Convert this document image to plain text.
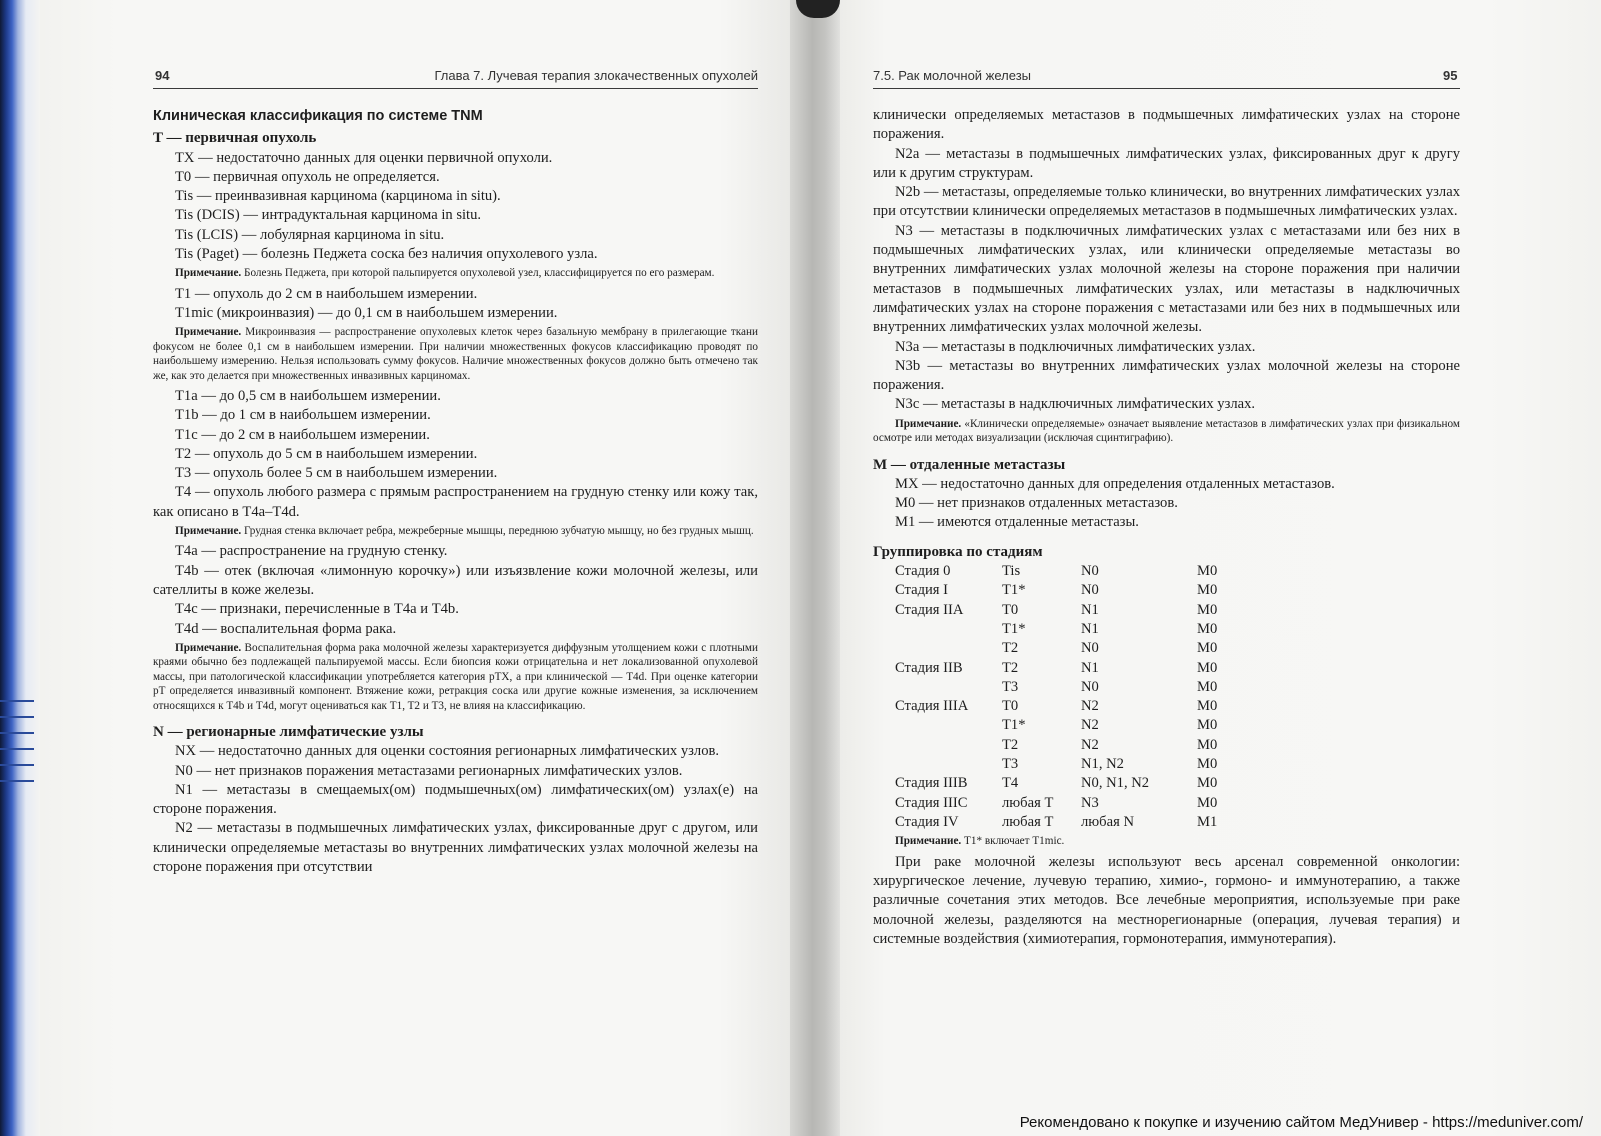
94	Глава 7. Лучевая терапия злокачественных опухолей

Клиническая классификация по системе TNM

T — первичная опухоль

TX — недостаточно данных для оценки первичной опухоли.

T0 — первичная опухоль не определяется.

Tis — преинвазивная карцинома (карцинома in situ).

Tis (DCIS) — интрадуктальная карцинома in situ.

Tis (LCIS) — лобулярная карцинома in situ.

Tis (Paget) — болезнь Педжета соска без наличия опухолевого узла.

Примечание. Болезнь Педжета, при которой пальпируется опухолевой узел, классифицируется по его размерам.

T1 — опухоль до 2 см в наибольшем измерении.

T1mic (микроинвазия) — до 0,1 см в наибольшем измерении.

Примечание. Микроинвазия — распространение опухолевых клеток через базальную мембрану в прилегающие ткани фокусом не более 0,1 см в наибольшем измерении. При наличии множественных фокусов классификацию проводят по наибольшему измерению. Нельзя использовать сумму фокусов. Наличие множественных фокусов должно быть отмечено так же, как это делается при множественных инвазивных карциномах.

T1a — до 0,5 см в наибольшем измерении.

T1b — до 1 см в наибольшем измерении.

T1c — до 2 см в наибольшем измерении.

T2 — опухоль до 5 см в наибольшем измерении.

T3 — опухоль более 5 см в наибольшем измерении.

T4 — опухоль любого размера с прямым распространением на грудную стенку или кожу так, как описано в T4a–T4d.

Примечание. Грудная стенка включает ребра, межреберные мышцы, переднюю зубчатую мышцу, но без грудных мышц.

T4a — распространение на грудную стенку.

T4b — отек (включая «лимонную корочку») или изъязвление кожи молочной железы, или сателлиты в коже железы.

T4c — признаки, перечисленные в T4a и T4b.

T4d — воспалительная форма рака.

Примечание. Воспалительная форма рака молочной железы характеризуется диффузным утолщением кожи с плотными краями обычно без подлежащей пальпируемой массы. Если биопсия кожи отрицательна и нет локализованной опухолевой массы, при патологической классификации употребляется категория pTX, а при клинической — T4d. При оценке категории pT определяется инвазивный компонент. Втяжение кожи, ретракция соска или другие кожные изменения, за исключением относящихся к T4b и T4d, могут оцениваться как T1, T2 и T3, не влияя на классификацию.

N — регионарные лимфатические узлы

NX — недостаточно данных для оценки состояния регионарных лимфатических узлов.

N0 — нет признаков поражения метастазами регионарных лимфатических узлов.

N1 — метастазы в смещаемых(ом) подмышечных(ом) лимфатических(ом) узлах(е) на стороне поражения.

N2 — метастазы в подмышечных лимфатических узлах, фиксированные друг с другом, или клинически определяемые метастазы во внутренних лимфатических узлах молочной железы на стороне поражения при отсутствии

7.5. Рак молочной железы	95

клинически определяемых метастазов в подмышечных лимфатических узлах на стороне поражения.

N2a — метастазы в подмышечных лимфатических узлах, фиксированных друг к другу или к другим структурам.

N2b — метастазы, определяемые только клинически, во внутренних лимфатических узлах при отсутствии клинически определяемых метастазов в подмышечных лимфатических узлах.

N3 — метастазы в подключичных лимфатических узлах с метастазами или без них в подмышечных лимфатических узлах, или клинически определяемые метастазы во внутренних лимфатических узлах молочной железы на стороне поражения при наличии метастазов в подмышечных лимфатических узлах, или метастазы в надключичных лимфатических узлах на стороне поражения с метастазами или без них в подмышечных или внутренних лимфатических узлах молочной железы.

N3a — метастазы в подключичных лимфатических узлах.

N3b — метастазы во внутренних лимфатических узлах молочной железы на стороне поражения.

N3c — метастазы в надключичных лимфатических узлах.

Примечание. «Клинически определяемые» означает выявление метастазов в лимфатических узлах при физикальном осмотре или методах визуализации (исключая сцинтиграфию).

M — отдаленные метастазы

MX — недостаточно данных для определения отдаленных метастазов.

M0 — нет признаков отдаленных метастазов.

M1 — имеются отдаленные метастазы.

Группировка по стадиям

Стадия 0	Tis	N0	M0
Стадия I	T1*	N0	M0
Стадия IIA	T0	N1	M0
	T1*	N1	M0
	T2	N0	M0
Стадия IIB	T2	N1	M0
	T3	N0	M0
Стадия IIIA	T0	N2	M0
	T1*	N2	M0
	T2	N2	M0
	T3	N1, N2	M0
Стадия IIIB	T4	N0, N1, N2	M0
Стадия IIIC	любая T	N3	M0
Стадия IV	любая T	любая N	M1

Примечание. T1* включает T1mic.

При раке молочной железы используют весь арсенал современной онкологии: хирургическое лечение, лучевую терапию, химио-, гормоно- и иммунотерапию, а также различные сочетания этих методов. Все лечебные мероприятия, используемые при раке молочной железы, разделяются на местнорегионарные (операция, лучевая терапия) и системные воздействия (химиотерапия, гормонотерапия, иммунотерапия).

Рекомендовано к покупке и изучению сайтом МедУнивер - https://meduniver.com/
